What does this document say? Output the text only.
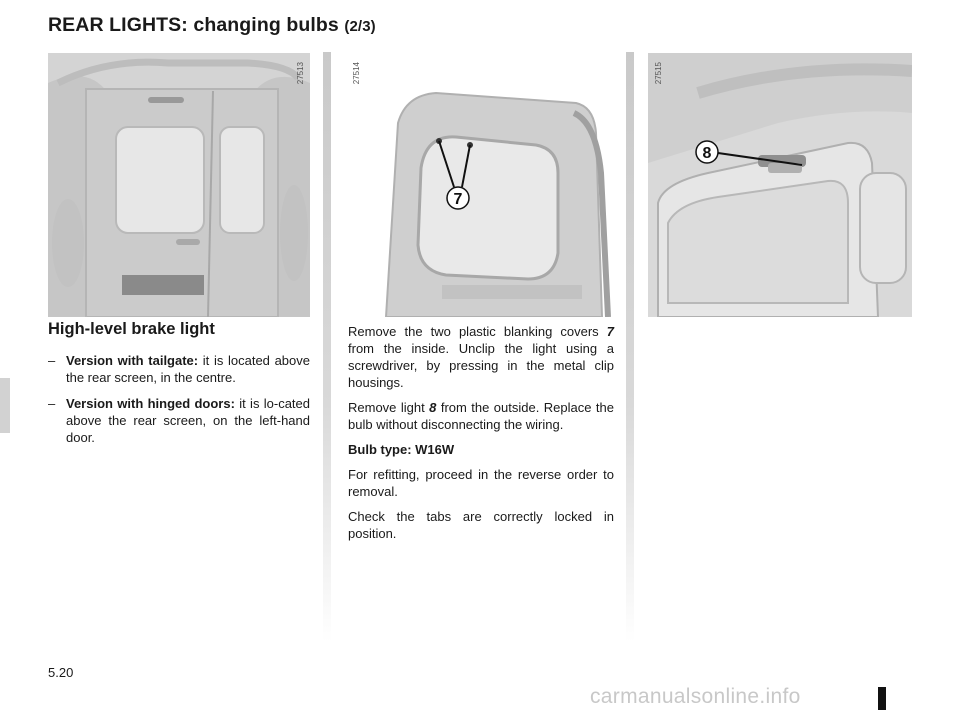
REAR LIGHTS: changing bulbs (2/3)
27513
7
27514
8
27515
High-level brake light
– Version with tailgate: it is located above the rear screen, in the centre.
– Version with hinged doors: it is lo-cated above the rear screen, on the left-hand door.

Remove the two plastic blanking covers 7 from the inside. Unclip the light using a screwdriver, by pressing in the metal clip housings.

Remove light 8 from the outside. Replace the bulb without disconnecting the wiring.

Bulb type: W16W

For refitting, proceed in the reverse order to removal.

Check the tabs are correctly locked in position.

5.20
carmanualsonline.info
